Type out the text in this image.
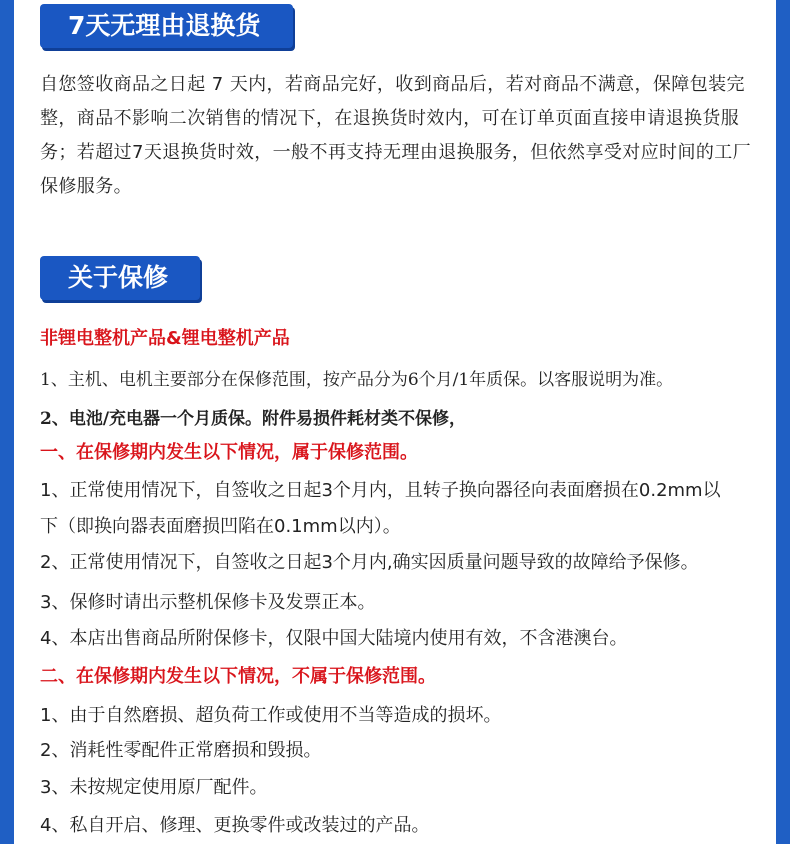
7天无理由退换货

自您签收商品之日起 7 天内，若商品完好，收到商品后，若对商品不满意，保障包装完整，商品不影响二次销售的情况下，在退换货时效内，可在订单页面直接申请退换货服务；若超过7天退换货时效，一般不再支持无理由退换服务，但依然享受对应时间的工厂保修服务。

关于保修

非锂电整机产品&锂电整机产品

1、主机、电机主要部分在保修范围，按产品分为6个月/1年质保。以客服说明为准。

2、电池/充电器一个月质保。附件易损件耗材类不保修，

一、在保修期内发生以下情况，属于保修范围。

1、正常使用情况下，自签收之日起3个月内，且转子换向器径向表面磨损在0.2mm以

下（即换向器表面磨损凹陷在0.1mm以内）。

2、正常使用情况下，自签收之日起3个月内,确实因质量问题导致的故障给予保修。

3、保修时请出示整机保修卡及发票正本。

4、本店出售商品所附保修卡，仅限中国大陆境内使用有效，不含港澳台。

二、在保修期内发生以下情况，不属于保修范围。

1、由于自然磨损、超负荷工作或使用不当等造成的损坏。

2、消耗性零配件正常磨损和毁损。

3、未按规定使用原厂配件。

4、私自开启、修理、更换零件或改装过的产品。
